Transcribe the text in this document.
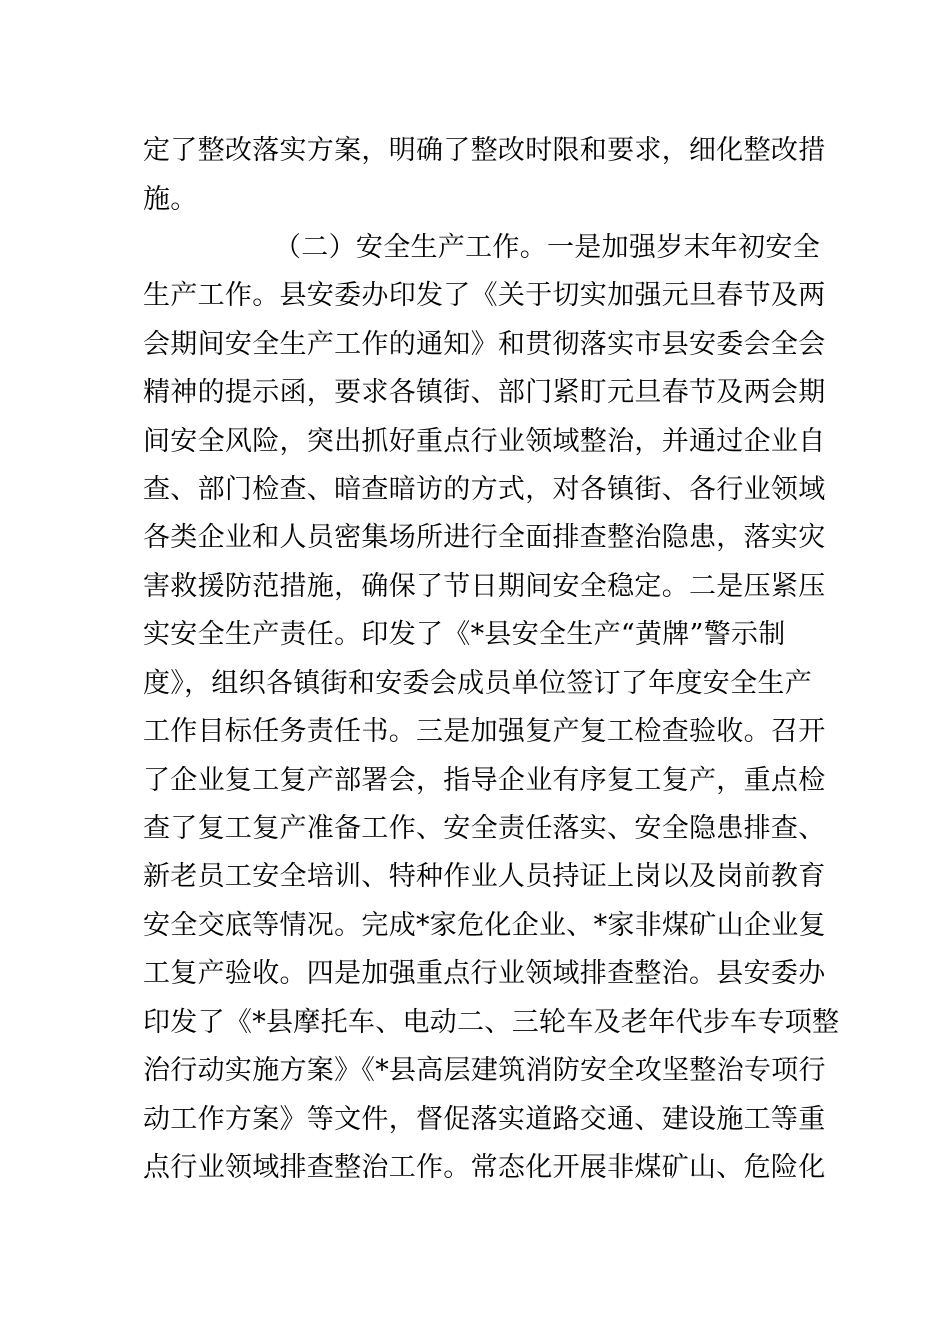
定了整改落实方案，明确了整改时限和要求，细化整改措
施。
（二）安全生产工作。一是加强岁末年初安全
生产工作。县安委办印发了《关于切实加强元旦春节及两
会期间安全生产工作的通知》和贯彻落实市县安委会全会
精神的提示函，要求各镇街、部门紧盯元旦春节及两会期
间安全风险，突出抓好重点行业领域整治，并通过企业自
查、部门检查、暗查暗访的方式，对各镇街、各行业领域
各类企业和人员密集场所进行全面排查整治隐患，落实灾
害救援防范措施，确保了节日期间安全稳定。二是压紧压
实安全生产责任。印发了《*县安全生产“黄牌”警示制
度》，组织各镇街和安委会成员单位签订了年度安全生产
工作目标任务责任书。三是加强复产复工检查验收。召开
了企业复工复产部署会，指导企业有序复工复产，重点检
查了复工复产准备工作、安全责任落实、安全隐患排查、
新老员工安全培训、特种作业人员持证上岗以及岗前教育
安全交底等情况。完成*家危化企业、*家非煤矿山企业复
工复产验收。四是加强重点行业领域排查整治。县安委办
印发了《*县摩托车、电动二、三轮车及老年代步车专项整
治行动实施方案》《*县高层建筑消防安全攻坚整治专项行
动工作方案》等文件，督促落实道路交通、建设施工等重
点行业领域排查整治工作。常态化开展非煤矿山、危险化
